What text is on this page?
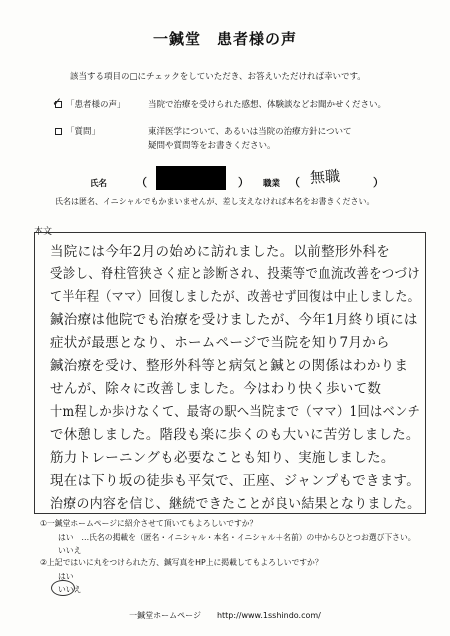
一鍼堂　患者様の声
該当する項目の□にチェックをしていただき、お答えいただければ幸いです。
✓ 「患者様の声」	当院で治療を受けられた感想、体験談などお聞かせください。
「質問」	東洋医学について、あるいは当院の治療方針について
疑問や質問等をお書きください。
氏名	（	） 職業 （	）
無職
氏名は匿名、イニシャルでもかまいませんが、差し支えなければ本名をお書きください。
本文
当院には今年2月の始めに訪れました。以前整形外科を
受診し、脊柱管狭さく症と診断され、投薬等で血流改善をつづけ
て半年程（ママ）回復しましたが、改善せず回復は中止しました。
鍼治療は他院でも治療を受けましたが、今年1月終り頃には
症状が最悪となり、ホームページで当院を知り7月から
鍼治療を受け、整形外科等と病気と鍼との関係はわかりま
せんが、除々に改善しました。今はわり快く歩いて数
十m程しか歩けなくて、最寄の駅へ当院まで（ママ）1回はベンチ
で休憩しました。階段も楽に歩くのも大いに苦労しました。
筋力トレーニングも必要なことも知り、実施しました。
現在は下り坂の徒歩も平気で、正座、ジャンプもできます。
治療の内容を信じ、継続できたことが良い結果となりました。
①一鍼堂ホームページに紹介させて頂いてもよろしいですか？
はい　…氏名の掲載を（匿名・イニシャル・本名・イニシャル＋名前）の中からひとつお選び下さい。
いいえ
②上記ではいに丸をつけられた方、鍼写真をHP上に掲載してもよろしいですか？
はい
いいえ
一鍼堂ホームページ　　http://www.1sshindo.com/
